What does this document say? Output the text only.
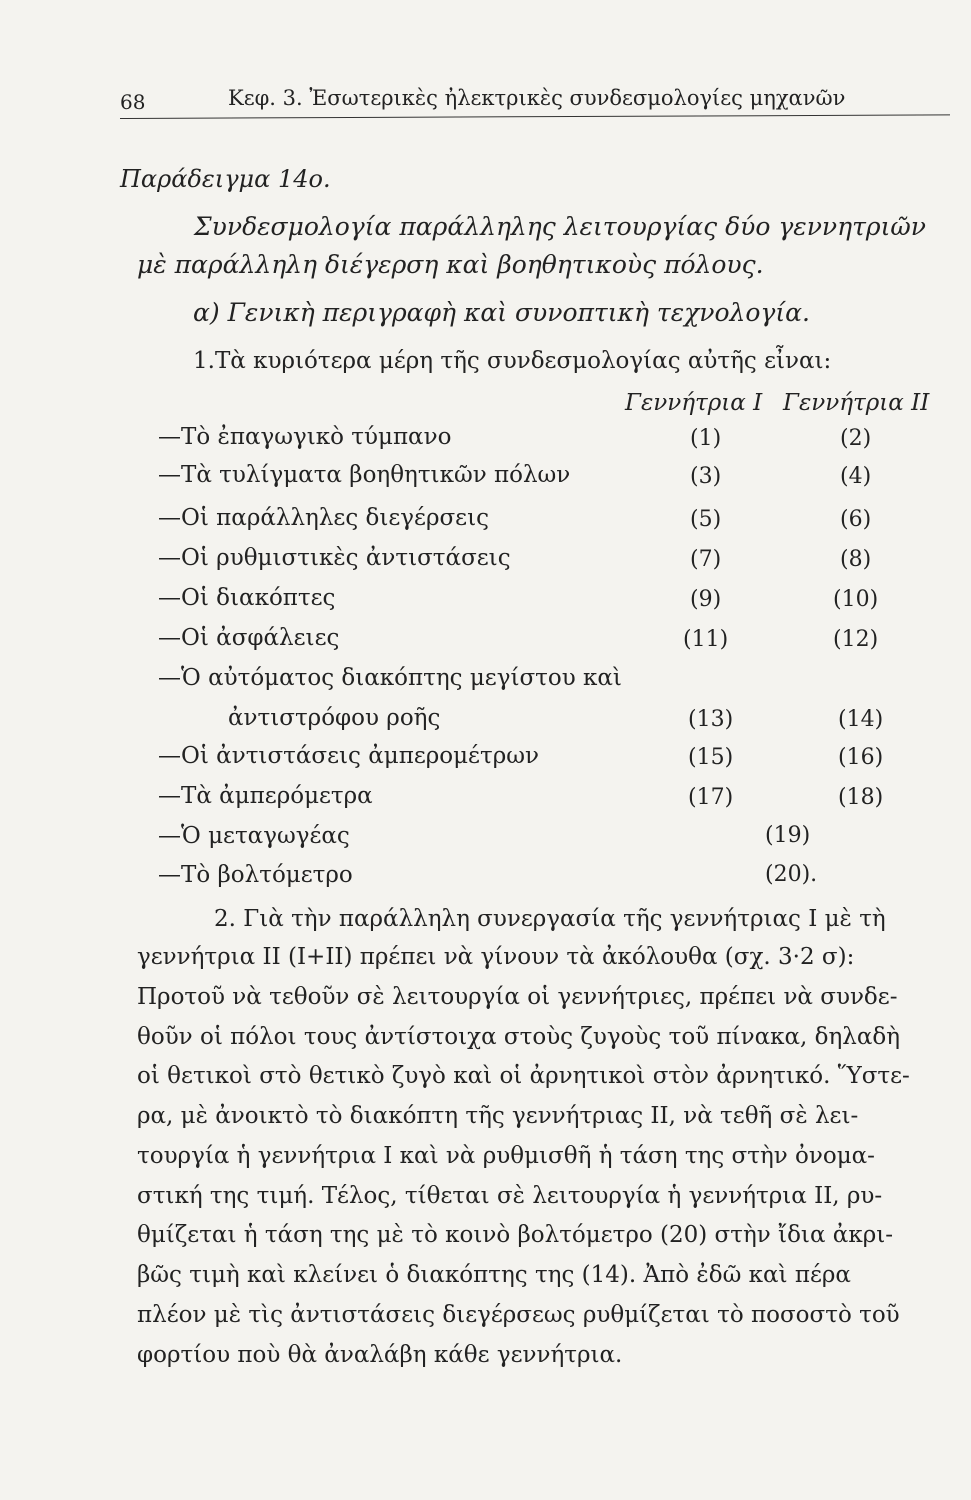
68	Κεφ. 3. Ἐσωτερικὲς ἠλεκτρικὲς συνδεσμολογίες μηχανῶν
Παράδειγμα 14ο.
Συνδεσμολογία παράλληλης λειτουργίας δύο γεννητριῶν
μὲ παράλληλη διέγερση καὶ βοηθητικοὺς πόλους.
α) Γενικὴ περιγραφὴ καὶ συνοπτικὴ τεχνολογία.
1.Τὰ κυριότερα μέρη τῆς συνδεσμολογίας αὐτῆς εἶναι:
Γεννήτρια Ι Γεννήτρια ΙΙ
—Τὸ ἐπαγωγικὸ τύμπανο	(1)	(2)
—Τὰ τυλίγματα βοηθητικῶν πόλων	(3)	(4)
—Οἱ παράλληλες διεγέρσεις	(5)	(6)
—Οἱ ρυθμιστικὲς ἀντιστάσεις	(7)	(8)
—Οἱ διακόπτες	(9)	(10)
—Οἱ ἀσφάλειες	(11)	(12)
—Ὁ αὐτόματος διακόπτης μεγίστου καὶ
ἀντιστρόφου ροῆς	(13)	(14)
—Οἱ ἀντιστάσεις ἀμπερομέτρων	(15)	(16)
—Τὰ ἀμπερόμετρα	(17)	(18)
—Ὁ μεταγωγέας	(19)
—Τὸ βολτόμετρο	(20).
2. Γιὰ τὴν παράλληλη συνεργασία τῆς γεννήτριας Ι μὲ τὴ
γεννήτρια ΙΙ (Ι+ΙΙ) πρέπει νὰ γίνουν τὰ ἀκόλουθα (σχ. 3·2 σ):
Προτοῦ νὰ τεθοῦν σὲ λειτουργία οἱ γεννήτριες, πρέπει νὰ συνδε-
θοῦν οἱ πόλοι τους ἀντίστοιχα στοὺς ζυγοὺς τοῦ πίνακα, δηλαδὴ
οἱ θετικοὶ στὸ θετικὸ ζυγὸ καὶ οἱ ἀρνητικοὶ στὸν ἀρνητικό. Ὕστε-
ρα, μὲ ἀνοικτὸ τὸ διακόπτη τῆς γεννήτριας ΙΙ, νὰ τεθῆ σὲ λει-
τουργία ἡ γεννήτρια Ι καὶ νὰ ρυθμισθῆ ἡ τάση της στὴν ὀνομα-
στική της τιμή. Τέλος, τίθεται σὲ λειτουργία ἡ γεννήτρια ΙΙ, ρυ-
θμίζεται ἡ τάση της μὲ τὸ κοινὸ βολτόμετρο (20) στὴν ἴδια ἀκρι-
βῶς τιμὴ καὶ κλείνει ὁ διακόπτης της (14). Ἀπὸ ἐδῶ καὶ πέρα
πλέον μὲ τὶς ἀντιστάσεις διεγέρσεως ρυθμίζεται τὸ ποσοστὸ τοῦ
φορτίου ποὺ θὰ ἀναλάβη κάθε γεννήτρια.
